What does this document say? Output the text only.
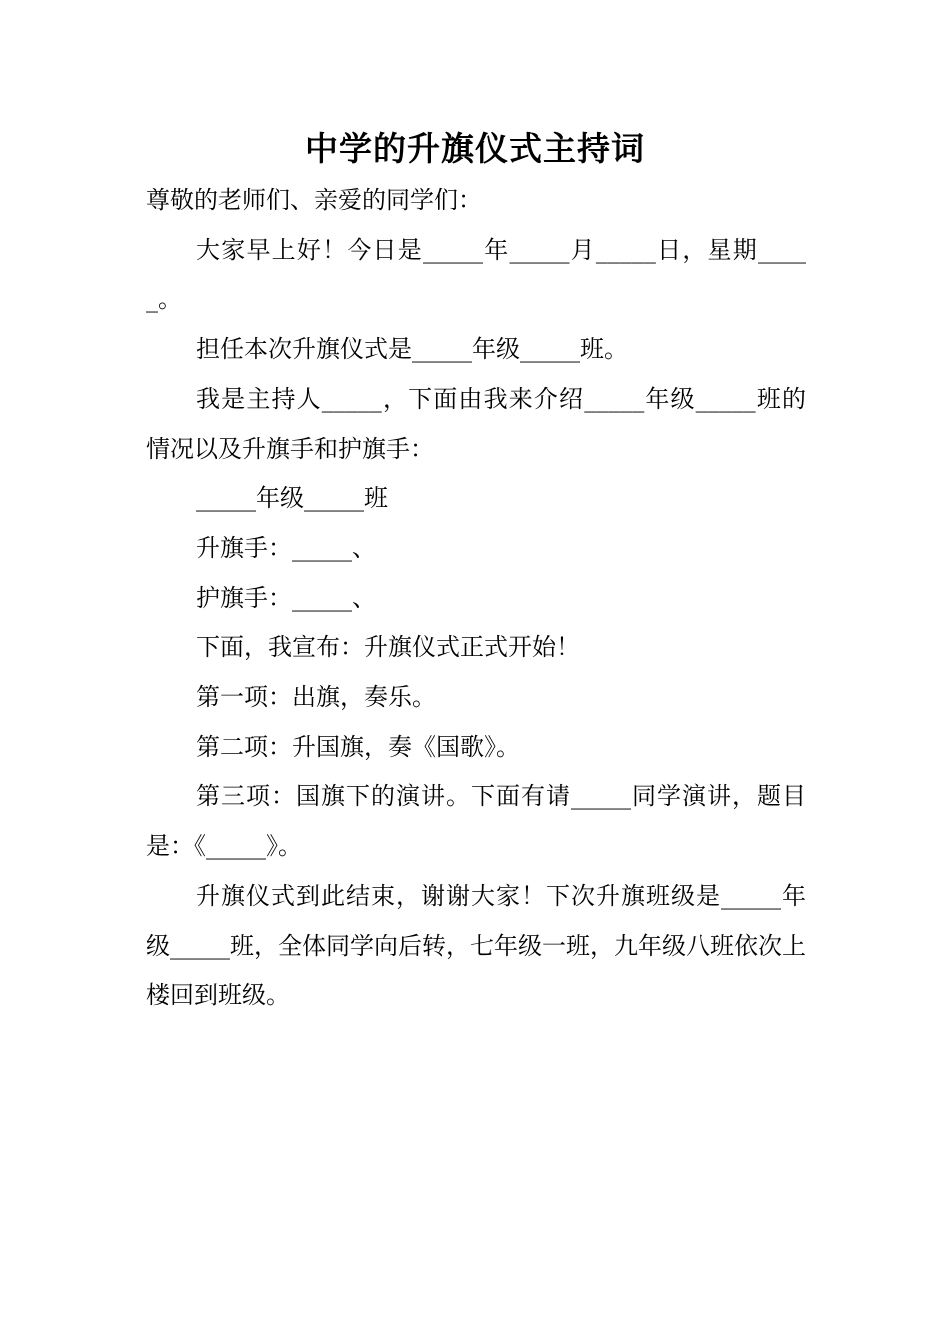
中学的升旗仪式主持词

尊敬的老师们、亲爱的同学们：

大家早上好！今日是_____年_____月_____日，星期_____。

担任本次升旗仪式是_____年级_____班。

我是主持人_____，下面由我来介绍_____年级_____班的情况以及升旗手和护旗手：

_____年级_____班

升旗手：_____、

护旗手：_____、

下面，我宣布：升旗仪式正式开始！

第一项：出旗，奏乐。

第二项：升国旗，奏《国歌》。

第三项：国旗下的演讲。下面有请_____同学演讲，题目是：《_____》。

升旗仪式到此结束，谢谢大家！下次升旗班级是_____年级_____班，全体同学向后转，七年级一班，九年级八班依次上楼回到班级。
